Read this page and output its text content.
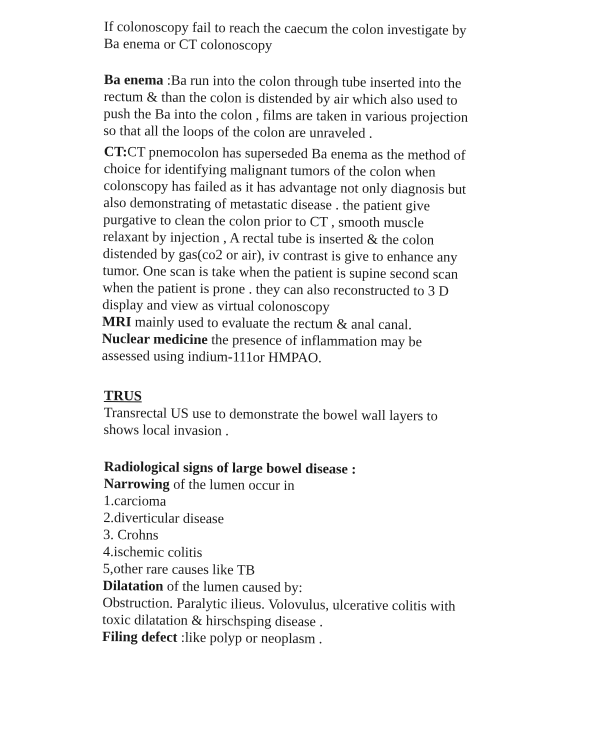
If colonoscopy fail to reach the caecum the colon investigate by
Ba enema or CT colonoscopy
Ba enema :Ba run into the colon through tube inserted into the
rectum & than the colon is distended by air which also used to
push the Ba into the colon , films are taken in various projection
so that all the loops of the colon are unraveled .
CT:CT pnemocolon has superseded Ba enema as the method of
choice for identifying malignant tumors of the colon when
colonscopy has failed as it has advantage not only diagnosis but
also demonstrating of metastatic disease . the patient give
purgative to clean the colon prior to CT , smooth muscle
relaxant by injection , A rectal tube is inserted & the colon
distended by gas(co2 or air), iv contrast is give to enhance any
tumor. One scan is take when the patient is supine second scan
when the patient is prone . they can also reconstructed to 3 D
display and view as virtual colonoscopy
MRI mainly used to evaluate the rectum & anal canal.
Nuclear medicine the presence of inflammation may be
assessed using indium-111or HMPAO.
TRUS
Transrectal US use to demonstrate the bowel wall layers to
shows local invasion .
Radiological signs of large bowel disease :
Narrowing of the lumen occur in
1.carcioma
2.diverticular disease
3. Crohns
4.ischemic colitis
5,other rare causes like TB
Dilatation of the lumen caused by:
Obstruction. Paralytic ilieus. Volovulus, ulcerative colitis with
toxic dilatation & hirschsping disease .
Filing defect :like polyp or neoplasm .
